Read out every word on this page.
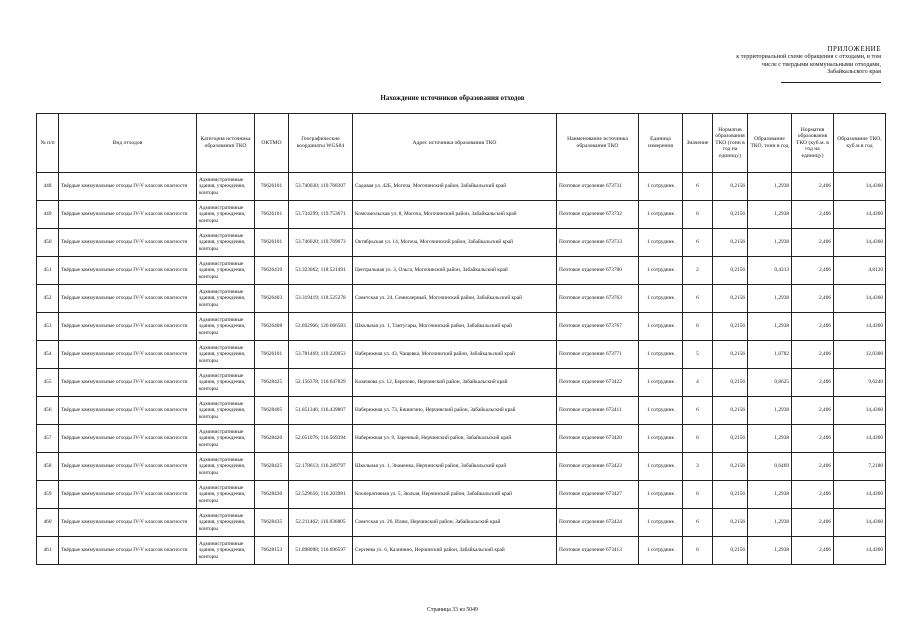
ПРИЛОЖЕНИЕ
к территориальной схеме обращения с отходами, в том
числе с твердыми коммунальными отходами,
Забайкальского края
Нахождение источников образования отходов
№ п/п	Вид отходов	Категория источника образования ТКО	ОКТМО	Географические координаты WGS84	Адрес источника образования ТКО	Наименование источника образования ТКО	Единица измерения	Значение	Норматив образования ТКО (тонн в год на единицу)	Образование ТКО, тонн в год	Норматив образования ТКО (куб.м. в год на единицу)	Образование ТКО, куб.м.в год
448	Твёрдые коммунальные отходы IV-V классов опасности	Административные здания, учреждения, конторы	76626101	53.740030; 119.768307	Садовая ул. 42Б, Могоча, Могочинский район, Забайкальский край	Почтовое отделение 673731	1 сотрудник	6	0,2156	1,2938	2,406	14,4360
449	Твёрдые коммунальные отходы IV-V классов опасности	Административные здания, учреждения, конторы	76626101	53.734299; 119.753671	Комсомольская ул. 8, Могоча, Могочинский район, Забайкальский край	Почтовое отделение 673732	1 сотрудник	6	0,2156	1,2938	2,406	14,4360
450	Твёрдые коммунальные отходы IV-V классов опасности	Административные здания, учреждения, конторы	76626101	53.746020; 119.769673	Октябрьская ул. 14, Могоча, Могочинский район, Забайкальский край	Почтовое отделение 673733	1 сотрудник	6	0,2156	1,2938	2,406	14,4360
451	Твёрдые коммунальные отходы IV-V классов опасности	Административные здания, учреждения, конторы	76626410	53.323062; 118.521491	Центральная ул. 3, Ольга, Могочинский район, Забайкальский край	Почтовое отделение 673780	1 сотрудник	2	0,2156	0,4313	2,406	4,8120
452	Твёрдые коммунальные отходы IV-V классов опасности	Административные здания, учреждения, конторы	76626403	53.319419; 118.525278	Советская ул. 24, Семиозерный, Могочинский район, Забайкальский край	Почтовое отделение 673763	1 сотрудник	6	0,2156	1,2938	2,406	14,4360
453	Твёрдые коммунальные отходы IV-V классов опасности	Административные здания, учреждения, конторы	76626408	53.692966; 120.066583	Школьная ул. 1, Тантугары, Могочинский район, Забайкальский край	Почтовое отделение 673767	1 сотрудник	6	0,2156	1,2938	2,406	14,4360
454	Твёрдые коммунальные отходы IV-V классов опасности	Административные здания, учреждения, конторы	76626101	53.781469; 119.220053	Набережная ул. 43, Чащевка, Могочинский район, Забайкальский край	Почтовое отделение 673771	1 сотрудник	5	0,2156	1,0782	2,406	12,0300
455	Твёрдые коммунальные отходы IV-V классов опасности	Административные здания, учреждения, конторы	76628425	52.156378; 116.647829	Казачкова ул. 12, Березово, Нерчинский район, Забайкальский край	Почтовое отделение 673422	1 сотрудник	4	0,2156	0,8625	2,406	9,6240
456	Твёрдые коммунальные отходы IV-V классов опасности	Административные здания, учреждения, конторы	76628405	51.851346; 116.439807	Набережная ул. 73, Бишигино, Нерчинский район, Забайкальский край	Почтовое отделение 673411	1 сотрудник	6	0,2156	1,2938	2,406	14,4360
457	Твёрдые коммунальные отходы IV-V классов опасности	Административные здания, учреждения, конторы	76628420	52.051076; 116.569394	Набережная ул. 9, Заречный, Нерчинский район, Забайкальский край	Почтовое отделение 673420	1 сотрудник	6	0,2156	1,2938	2,406	14,4360
458	Твёрдые коммунальные отходы IV-V классов опасности	Административные здания, учреждения, конторы	76628425	52.178613; 116.289797	Школьная ул. 1, Знаменка, Нерчинский район, Забайкальский край	Почтовое отделение 673423	1 сотрудник	3	0,2156	0,6469	2,406	7,2180
459	Твёрдые коммунальные отходы IV-V классов опасности	Административные здания, учреждения, конторы	76628430	52.529656; 116.203981	Кооперативная ул. 5, Зюльзя, Нерчинский район, Забайкальский край	Почтовое отделение 673427	1 сотрудник	6	0,2156	1,2938	2,406	14,4360
460	Твёрдые коммунальные отходы IV-V классов опасности	Административные здания, учреждения, конторы	76628435	52.211462; 116.036805	Советская ул. 26, Илим, Нерчинский район, Забайкальский край	Почтовое отделение 673424	1 сотрудник	6	0,2156	1,2938	2,406	14,4360
461	Твёрдые коммунальные отходы IV-V классов опасности	Административные здания, учреждения, конторы	76628153	51.898098; 116.696597	Сергеева ул. 6, Калинино, Нерчинский район, Забайкальский край	Почтовое отделение 673413	1 сотрудник	6	0,2156	1,2938	2,406	14,4360
Страница 33 из 5049
